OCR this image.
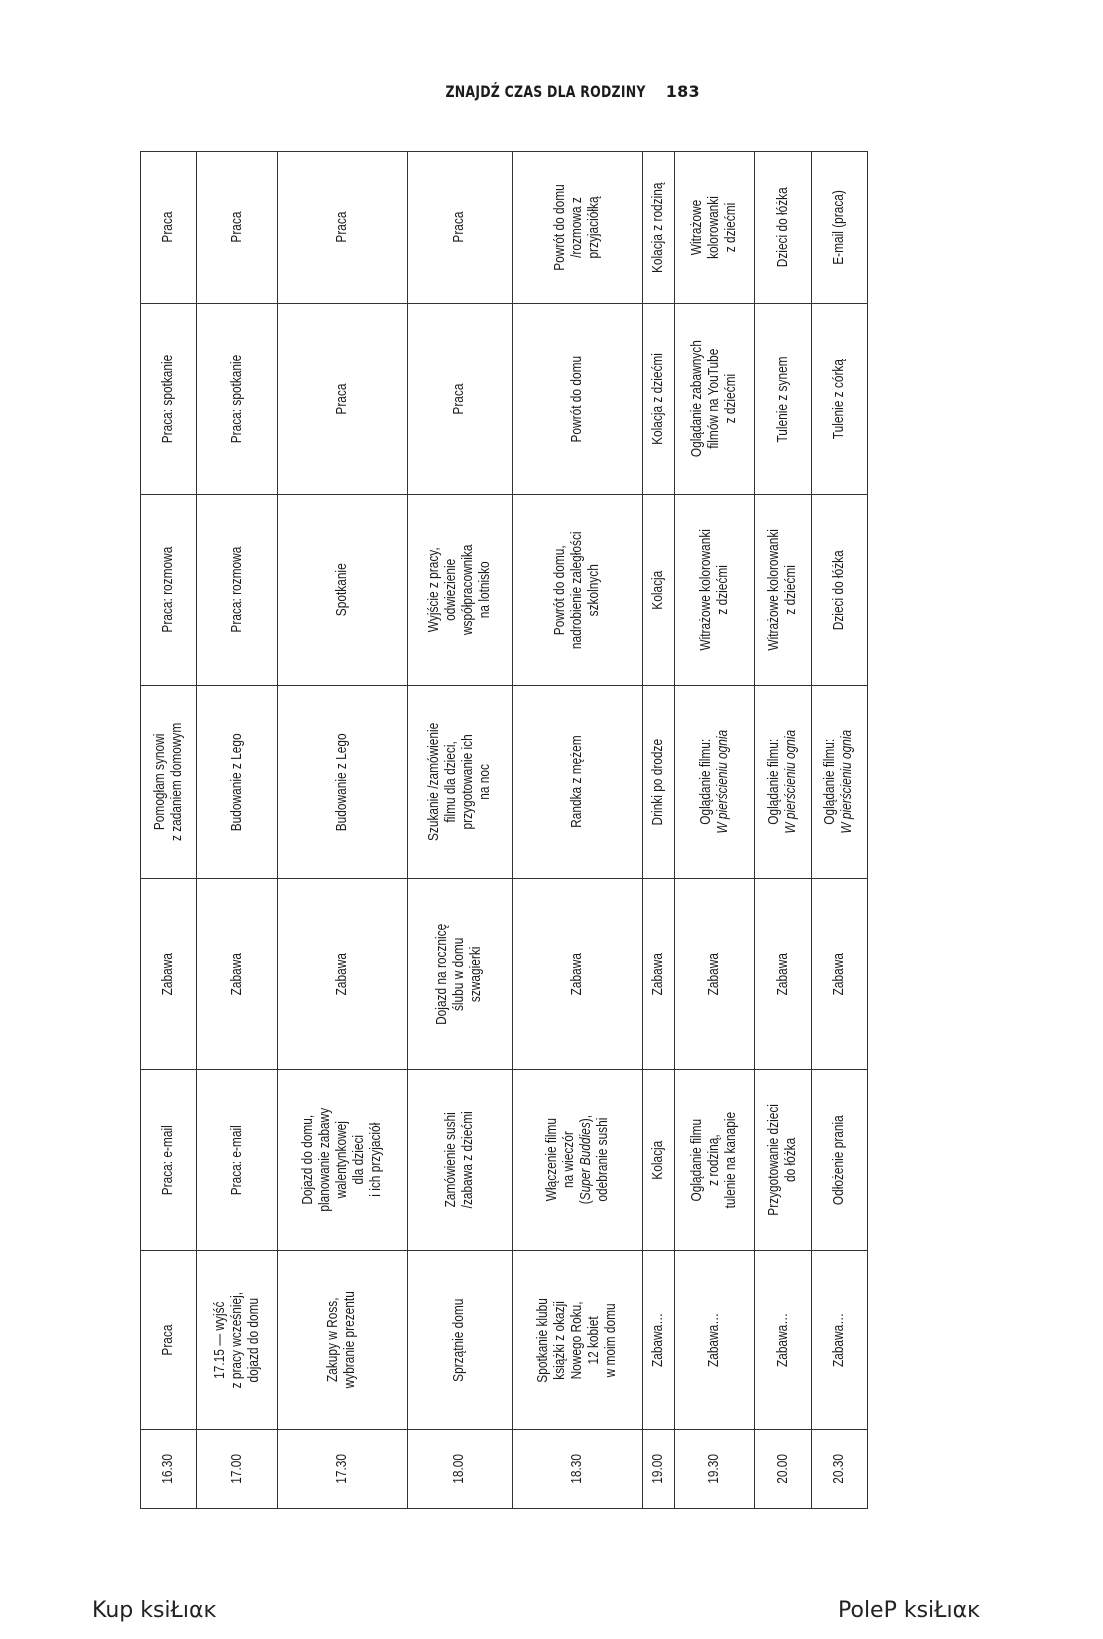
ZNAJDŹ CZAS DLA RODZINY 183
16.30	Praca	Praca: e-mail	Zabawa	Pomogłam synowi
z zadaniem domowym	Praca: rozmowa	Praca: spotkanie	Praca
17.00	17.15 — wyjść
z pracy wcześniej,
dojazd do domu	Praca: e-mail	Zabawa	Budowanie z Lego	Praca: rozmowa	Praca: spotkanie	Praca
17.30	Zakupy w Ross,
wybranie prezentu	Dojazd do domu,
planowanie zabawy
walentynkowej
dla dzieci
i ich przyjaciół	Zabawa	Budowanie z Lego	Spotkanie	Praca	Praca
18.00	Sprzątnie domu	Zamówienie sushi
/zabawa z dziećmi	Dojazd na rocznicę
ślubu w domu
szwagierki	Szukanie /zamówienie
filmu dla dzieci,
przygotowanie ich
na noc	Wyjście z pracy,
odwiezienie
współpracownika
na lotnisko	Praca	Praca
18.30	Spotkanie klubu
książki z okazji
Nowego Roku,
12 kobiet
w moim domu	Włączenie filmu
na wieczór
(Super Buddies),
odebranie sushi	Zabawa	Randka z mężem	Powrót do domu,
nadrobienie zaległości
szkolnych	Powrót do domu	Powrót do domu
/rozmowa z przyjaciółką
19.00	Zabawa…	Kolacja	Zabawa	Drinki po drodze	Kolacja	Kolacja z dziećmi	Kolacja z rodziną
19.30	Zabawa…	Oglądanie filmu
z rodziną,
tulenie na kanapie	Zabawa	Oglądanie filmu:
W pierścieniu ognia	Witrażowe kolorowanki
z dziećmi	Oglądanie zabawnych
filmów na YouTube
z dziećmi	Witrażowe kolorowanki
z dziećmi
20.00	Zabawa…	Przygotowanie dzieci
do łóżka	Zabawa	Oglądanie filmu:
W pierścieniu ognia	Witrażowe kolorowanki
z dziećmi	Tulenie z synem	Dzieci do łóżka
20.30	Zabawa…	Odłożenie prania	Zabawa	Oglądanie filmu:
W pierścieniu ognia	Dzieci do łóżka	Tulenie z córką	E-mail (praca)
Kup ksiŁıαĸ	PoleP ksiŁıαĸ
